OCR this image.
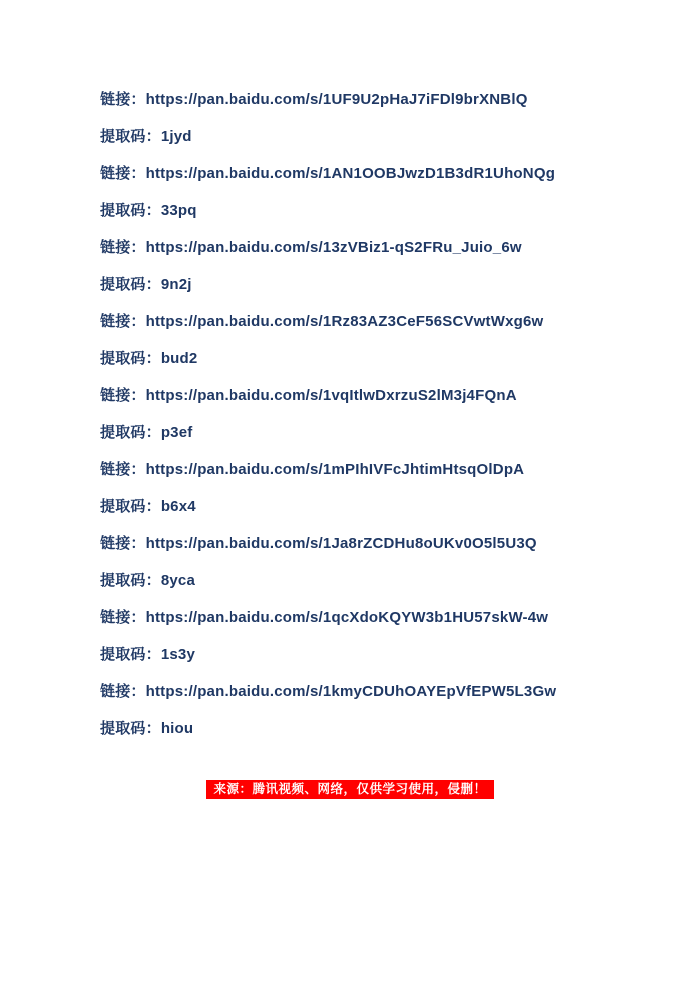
链接：https://pan.baidu.com/s/1UF9U2pHaJ7iFDl9brXNBlQ

提取码：1jyd

链接：https://pan.baidu.com/s/1AN1OOBJwzD1B3dR1UhoNQg

提取码：33pq

链接：https://pan.baidu.com/s/13zVBiz1-qS2FRu_Juio_6w

提取码：9n2j

链接：https://pan.baidu.com/s/1Rz83AZ3CeF56SCVwtWxg6w

提取码：bud2

链接：https://pan.baidu.com/s/1vqItlwDxrzuS2lM3j4FQnA

提取码：p3ef

链接：https://pan.baidu.com/s/1mPIhIVFcJhtimHtsqOlDpA

提取码：b6x4

链接：https://pan.baidu.com/s/1Ja8rZCDHu8oUKv0O5l5U3Q

提取码：8yca

链接：https://pan.baidu.com/s/1qcXdoKQYW3b1HU57skW-4w

提取码：1s3y

链接：https://pan.baidu.com/s/1kmyCDUhOAYEpVfEPW5L3Gw

提取码：hiou

来源：腾讯视频、网络，仅供学习使用，侵删！
